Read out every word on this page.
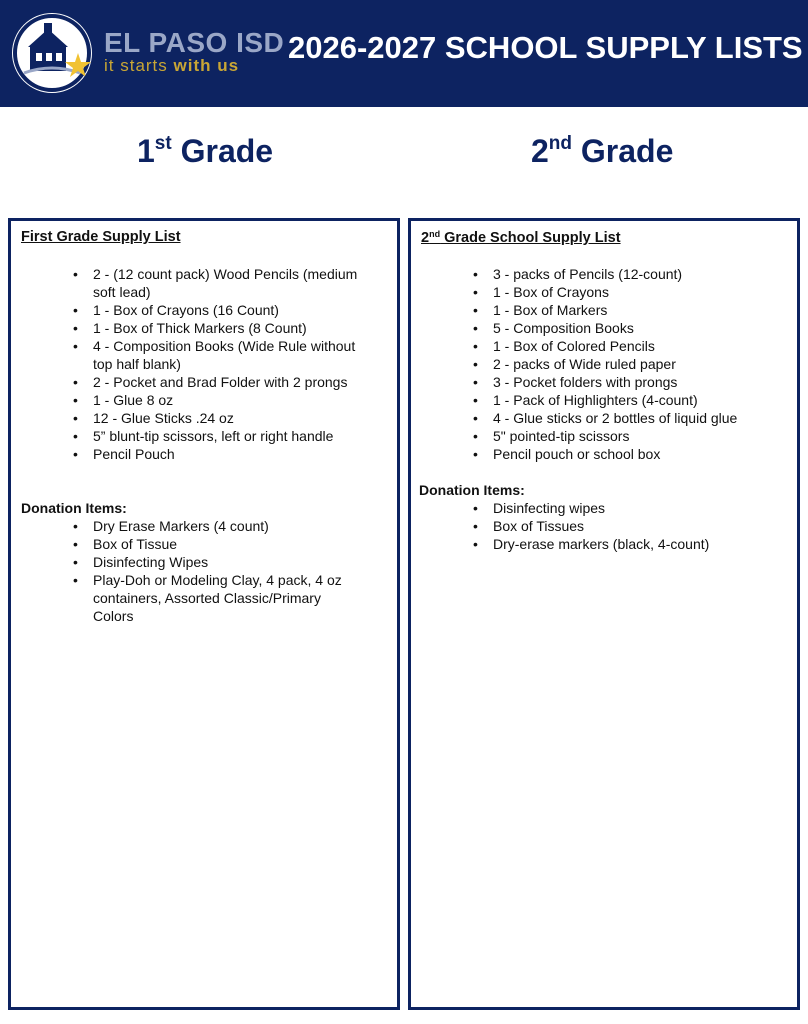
EL PASO ISD
it starts with us
2026-2027 SCHOOL SUPPLY LISTS
1st Grade	2nd Grade
First Grade Supply List
• 2 - (12 count pack) Wood Pencils (medium soft lead)
• 1 - Box of Crayons (16 Count)
• 1 - Box of Thick Markers (8 Count)
• 4 - Composition Books (Wide Rule without top half blank)
• 2 - Pocket and Brad Folder with 2 prongs
• 1 - Glue 8 oz
• 12 - Glue Sticks .24 oz
• 5” blunt-tip scissors, left or right handle
• Pencil Pouch
Donation Items:
• Dry Erase Markers (4 count)
• Box of Tissue
• Disinfecting Wipes
• Play-Doh or Modeling Clay, 4 pack, 4 oz containers, Assorted Classic/Primary Colors
2nd Grade School Supply List
• 3 - packs of Pencils (12-count)
• 1 - Box of Crayons
• 1 - Box of Markers
• 5 - Composition Books
• 1 - Box of Colored Pencils
• 2 - packs of Wide ruled paper
• 3 - Pocket folders with prongs
• 1 - Pack of Highlighters (4-count)
• 4 - Glue sticks or 2 bottles of liquid glue
• 5" pointed-tip scissors
• Pencil pouch or school box
Donation Items:
• Disinfecting wipes
• Box of Tissues
• Dry-erase markers (black, 4-count)
